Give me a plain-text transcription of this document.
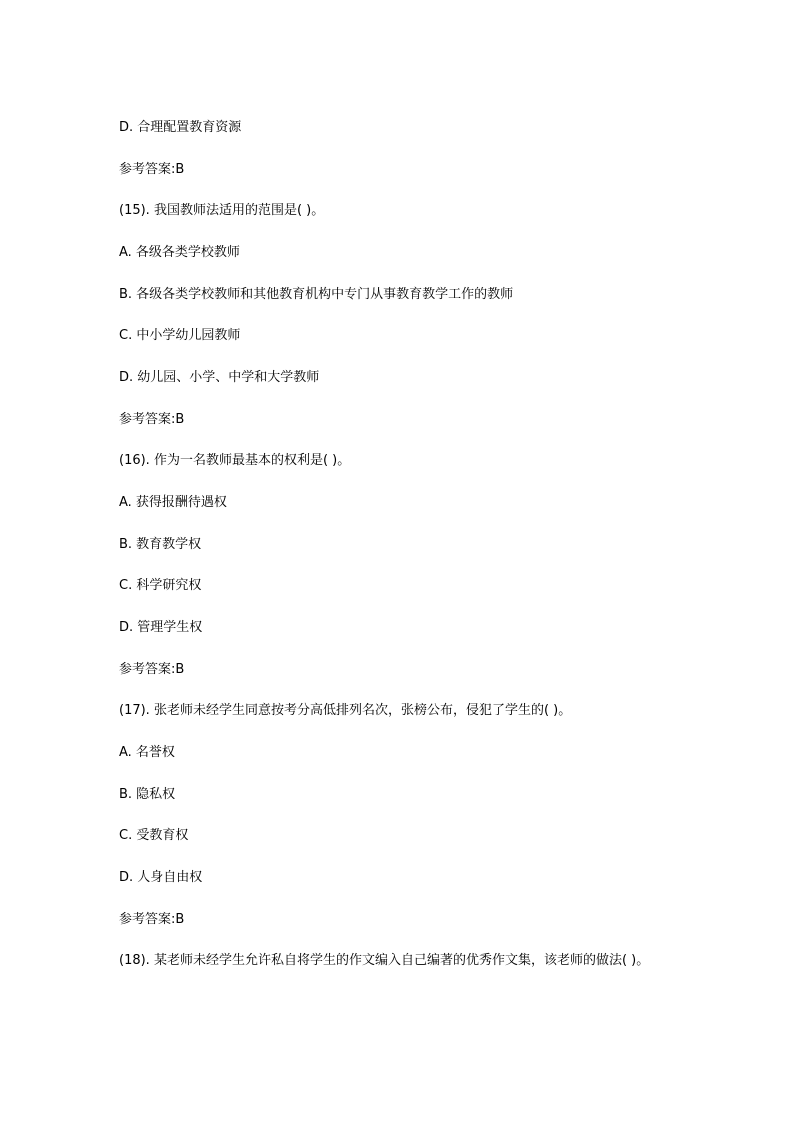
D. 合理配置教育资源

参考答案:B

(15). 我国教师法适用的范围是( )。

A. 各级各类学校教师

B. 各级各类学校教师和其他教育机构中专门从事教育教学工作的教师

C. 中小学幼儿园教师

D. 幼儿园、小学、中学和大学教师

参考答案:B

(16). 作为一名教师最基本的权利是( )。

A. 获得报酬待遇权

B. 教育教学权

C. 科学研究权

D. 管理学生权

参考答案:B

(17). 张老师未经学生同意按考分高低排列名次，张榜公布，侵犯了学生的( )。

A. 名誉权

B. 隐私权

C. 受教育权

D. 人身自由权

参考答案:B

(18). 某老师未经学生允许私自将学生的作文编入自己编著的优秀作文集，该老师的做法( )。
